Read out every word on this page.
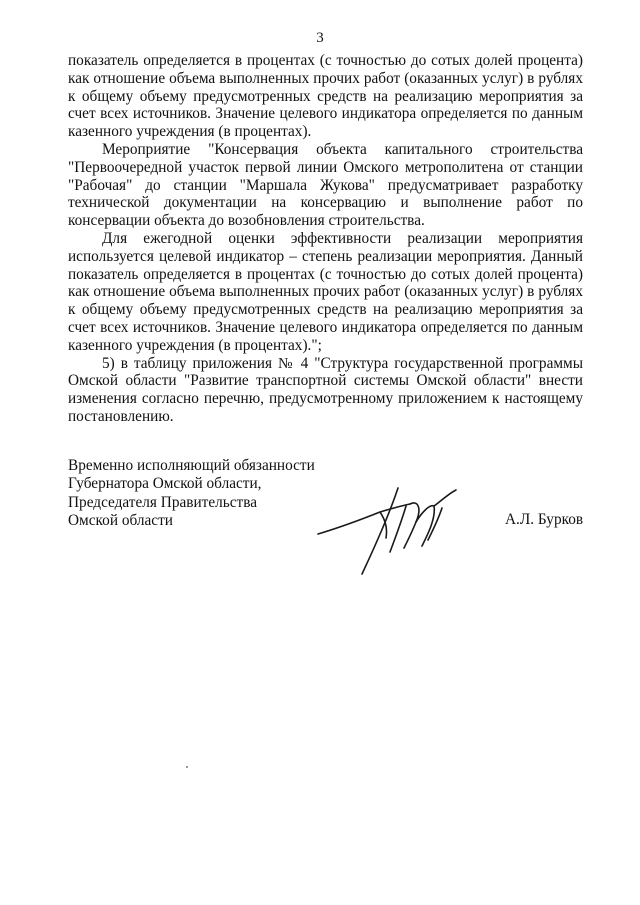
3

показатель определяется в процентах (с точностью до сотых долей процента) как отношение объема выполненных прочих работ (оказанных услуг) в рублях к общему объему предусмотренных средств на реализацию мероприятия за счет всех источников. Значение целевого индикатора определяется по данным казенного учреждения (в процентах).

Мероприятие "Консервация объекта капитального строительства "Первоочередной участок первой линии Омского метрополитена от станции "Рабочая" до станции "Маршала Жукова" предусматривает разработку технической документации на консервацию и выполнение работ по консервации объекта до возобновления строительства.

Для ежегодной оценки эффективности реализации мероприятия используется целевой индикатор – степень реализации мероприятия. Данный показатель определяется в процентах (с точностью до сотых долей процента) как отношение объема выполненных прочих работ (оказанных услуг) в рублях к общему объему предусмотренных средств на реализацию мероприятия за счет всех источников. Значение целевого индикатора определяется по данным казенного учреждения (в процентах).";

5) в таблицу приложения № 4 "Структура государственной программы Омской области "Развитие транспортной системы Омской области" внести изменения согласно перечню, предусмотренному приложением к настоящему постановлению.

Временно исполняющий обязанности
Губернатора Омской области,
Председателя Правительства
Омской области	А.Л. Бурков
